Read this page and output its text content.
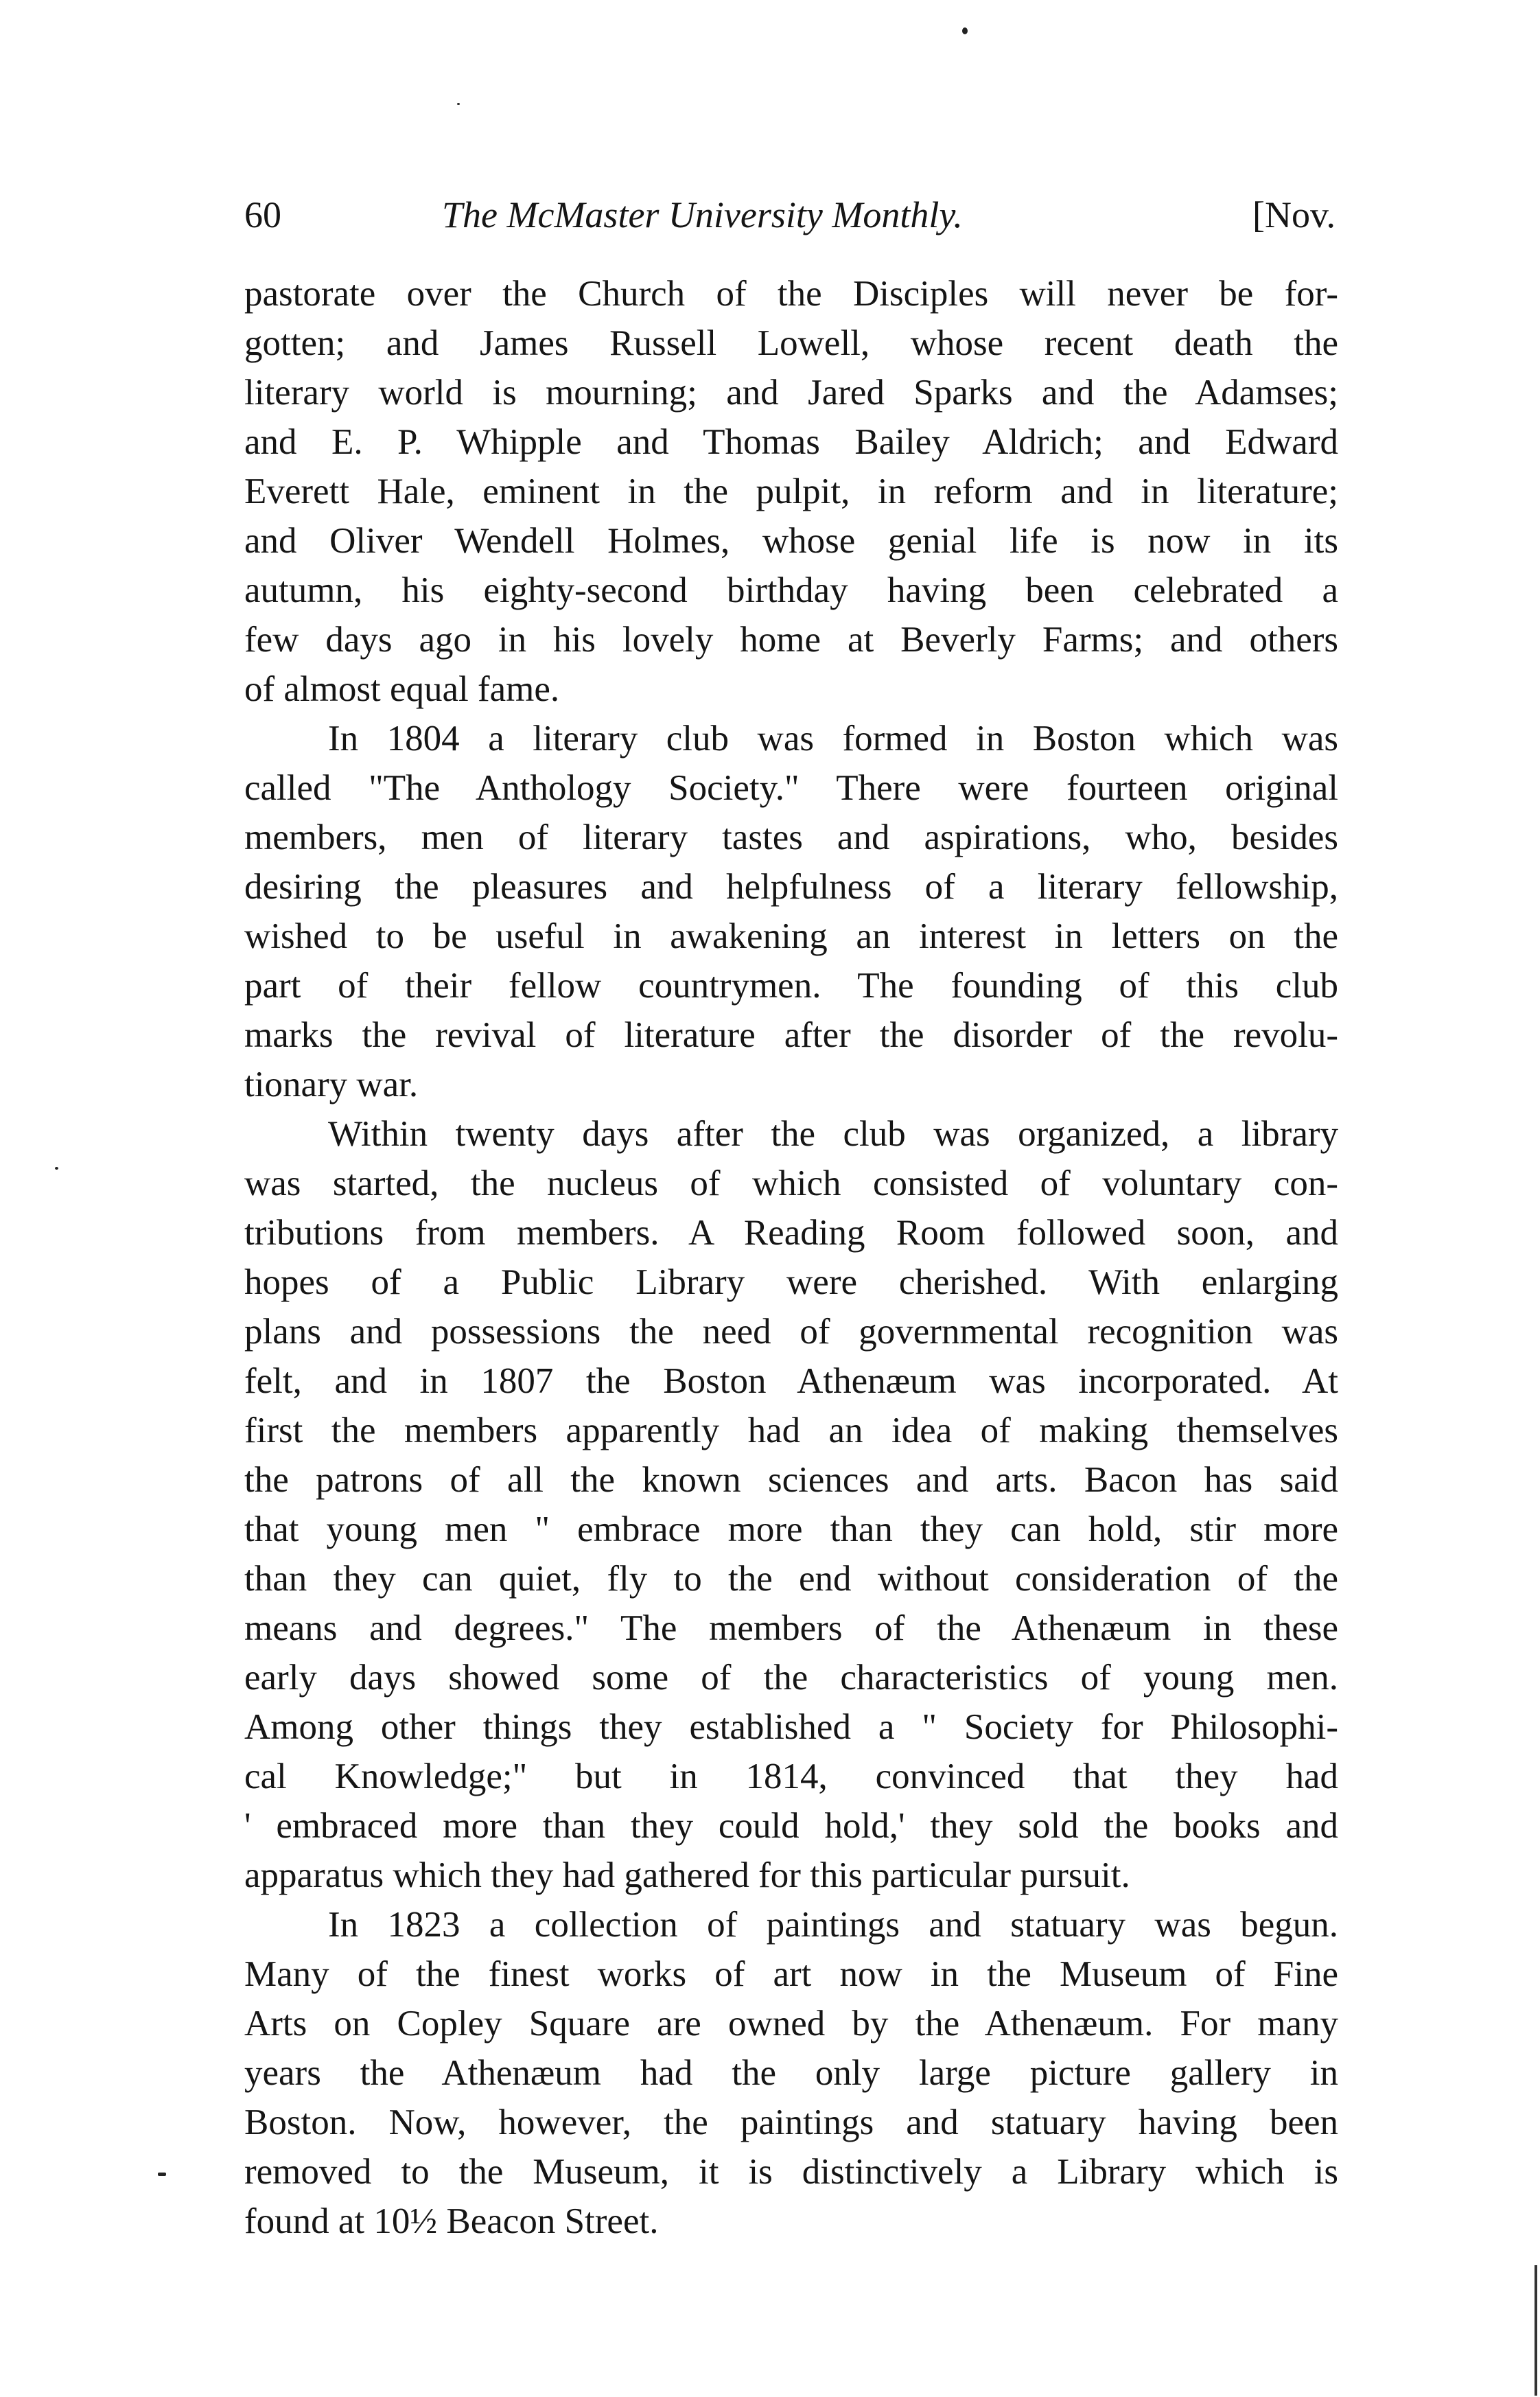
60	The McMaster University Monthly.	[Nov.

pastorate over the Church of the Disciples will never be for-
gotten; and James Russell Lowell, whose recent death the
literary world is mourning; and Jared Sparks and the Adamses;
and E. P. Whipple and Thomas Bailey Aldrich; and Edward
Everett Hale, eminent in the pulpit, in reform and in literature;
and Oliver Wendell Holmes, whose genial life is now in its
autumn, his eighty-second birthday having been celebrated a
few days ago in his lovely home at Beverly Farms; and others
of almost equal fame.

In 1804 a literary club was formed in Boston which was
called "The Anthology Society." There were fourteen original
members, men of literary tastes and aspirations, who, besides
desiring the pleasures and helpfulness of a literary fellowship,
wished to be useful in awakening an interest in letters on the
part of their fellow countrymen. The founding of this club
marks the revival of literature after the disorder of the revolu-
tionary war.

Within twenty days after the club was organized, a library
was started, the nucleus of which consisted of voluntary con-
tributions from members. A Reading Room followed soon, and
hopes of a Public Library were cherished. With enlarging
plans and possessions the need of governmental recognition was
felt, and in 1807 the Boston Athenæum was incorporated. At
first the members apparently had an idea of making themselves
the patrons of all the known sciences and arts. Bacon has said
that young men " embrace more than they can hold, stir more
than they can quiet, fly to the end without consideration of the
means and degrees." The members of the Athenæum in these
early days showed some of the characteristics of young men.
Among other things they established a " Society for Philosophi-
cal Knowledge;" but in 1814, convinced that they had
' embraced more than they could hold,' they sold the books and
apparatus which they had gathered for this particular pursuit.

In 1823 a collection of paintings and statuary was begun.
Many of the finest works of art now in the Museum of Fine
Arts on Copley Square are owned by the Athenæum. For many
years the Athenæum had the only large picture gallery in
Boston. Now, however, the paintings and statuary having been
removed to the Museum, it is distinctively a Library which is
found at 10½ Beacon Street.
